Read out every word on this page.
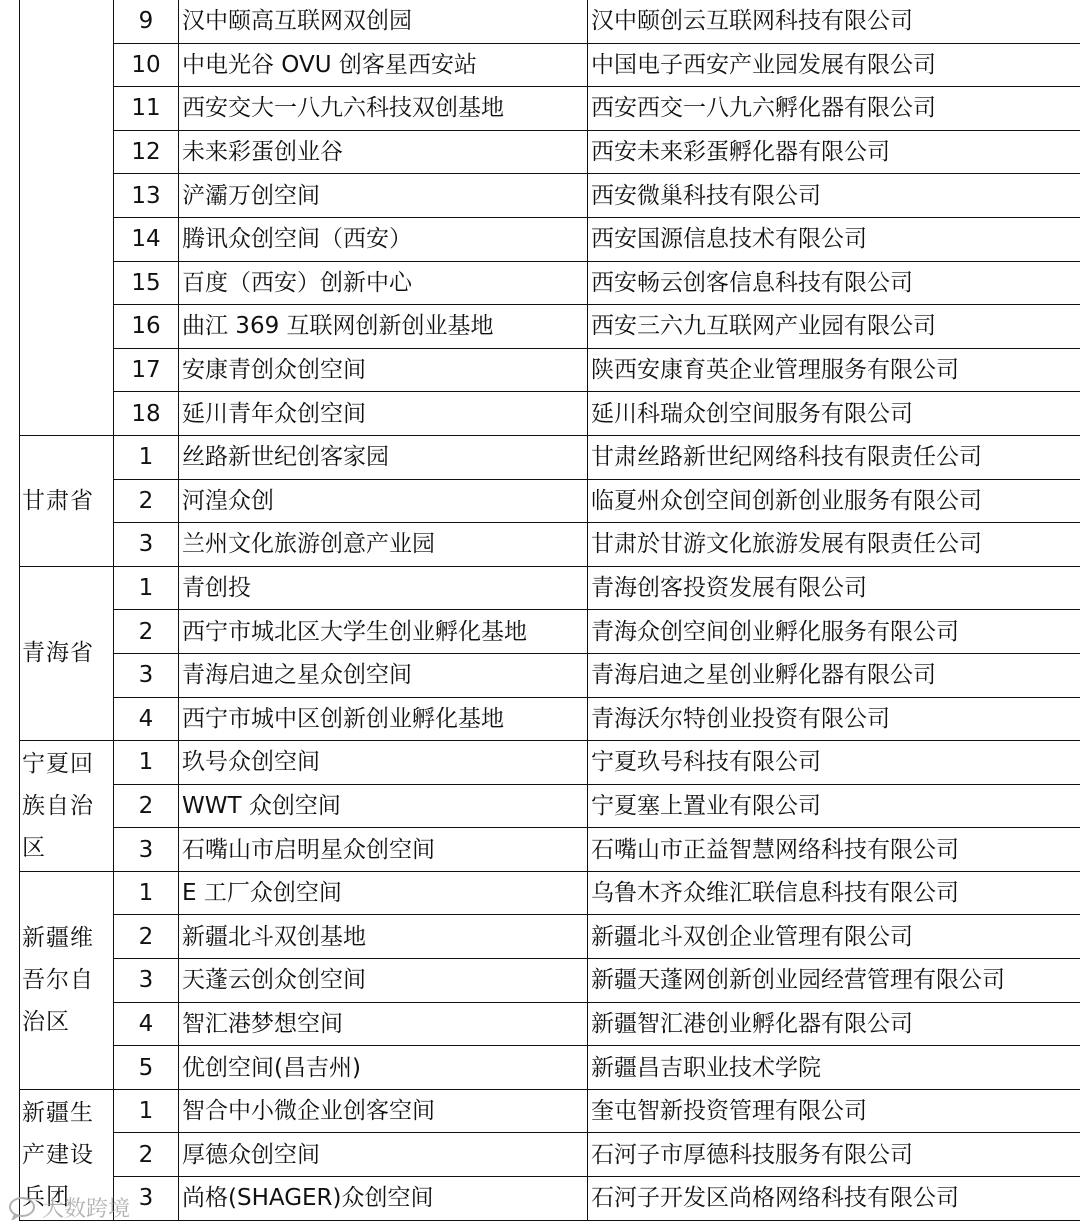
	9	汉中颐高互联网双创园	汉中颐创云互联网科技有限公司
	10	中电光谷 OVU 创客星西安站	中国电子西安产业园发展有限公司
	11	西安交大一八九六科技双创基地	西安西交一八九六孵化器有限公司
	12	未来彩蛋创业谷	西安未来彩蛋孵化器有限公司
	13	浐灞万创空间	西安微巢科技有限公司
	14	腾讯众创空间（西安）	西安国源信息技术有限公司
	15	百度（西安）创新中心	西安畅云创客信息科技有限公司
	16	曲江 369 互联网创新创业基地	西安三六九互联网产业园有限公司
	17	安康青创众创空间	陕西安康育英企业管理服务有限公司
	18	延川青年众创空间	延川科瑞众创空间服务有限公司
甘肃省	1	丝路新世纪创客家园	甘肃丝路新世纪网络科技有限责任公司
	2	河湟众创	临夏州众创空间创新创业服务有限公司
	3	兰州文化旅游创意产业园	甘肃於甘游文化旅游发展有限责任公司
青海省	1	青创投	青海创客投资发展有限公司
	2	西宁市城北区大学生创业孵化基地	青海众创空间创业孵化服务有限公司
	3	青海启迪之星众创空间	青海启迪之星创业孵化器有限公司
	4	西宁市城中区创新创业孵化基地	青海沃尔特创业投资有限公司
宁夏回族自治区	1	玖号众创空间	宁夏玖号科技有限公司
	2	WWT 众创空间	宁夏塞上置业有限公司
	3	石嘴山市启明星众创空间	石嘴山市正益智慧网络科技有限公司
新疆维吾尔自治区	1	E 工厂众创空间	乌鲁木齐众维汇联信息科技有限公司
	2	新疆北斗双创基地	新疆北斗双创企业管理有限公司
	3	天蓬云创众创空间	新疆天蓬网创新创业园经营管理有限公司
	4	智汇港梦想空间	新疆智汇港创业孵化器有限公司
	5	优创空间(昌吉州)	新疆昌吉职业技术学院
新疆生产建设兵团	1	智合中小微企业创客空间	奎屯智新投资管理有限公司
	2	厚德众创空间	石河子市厚德科技服务有限公司
	3	尚格(SHAGER)众创空间	石河子开发区尚格网络科技有限公司
大数跨境
